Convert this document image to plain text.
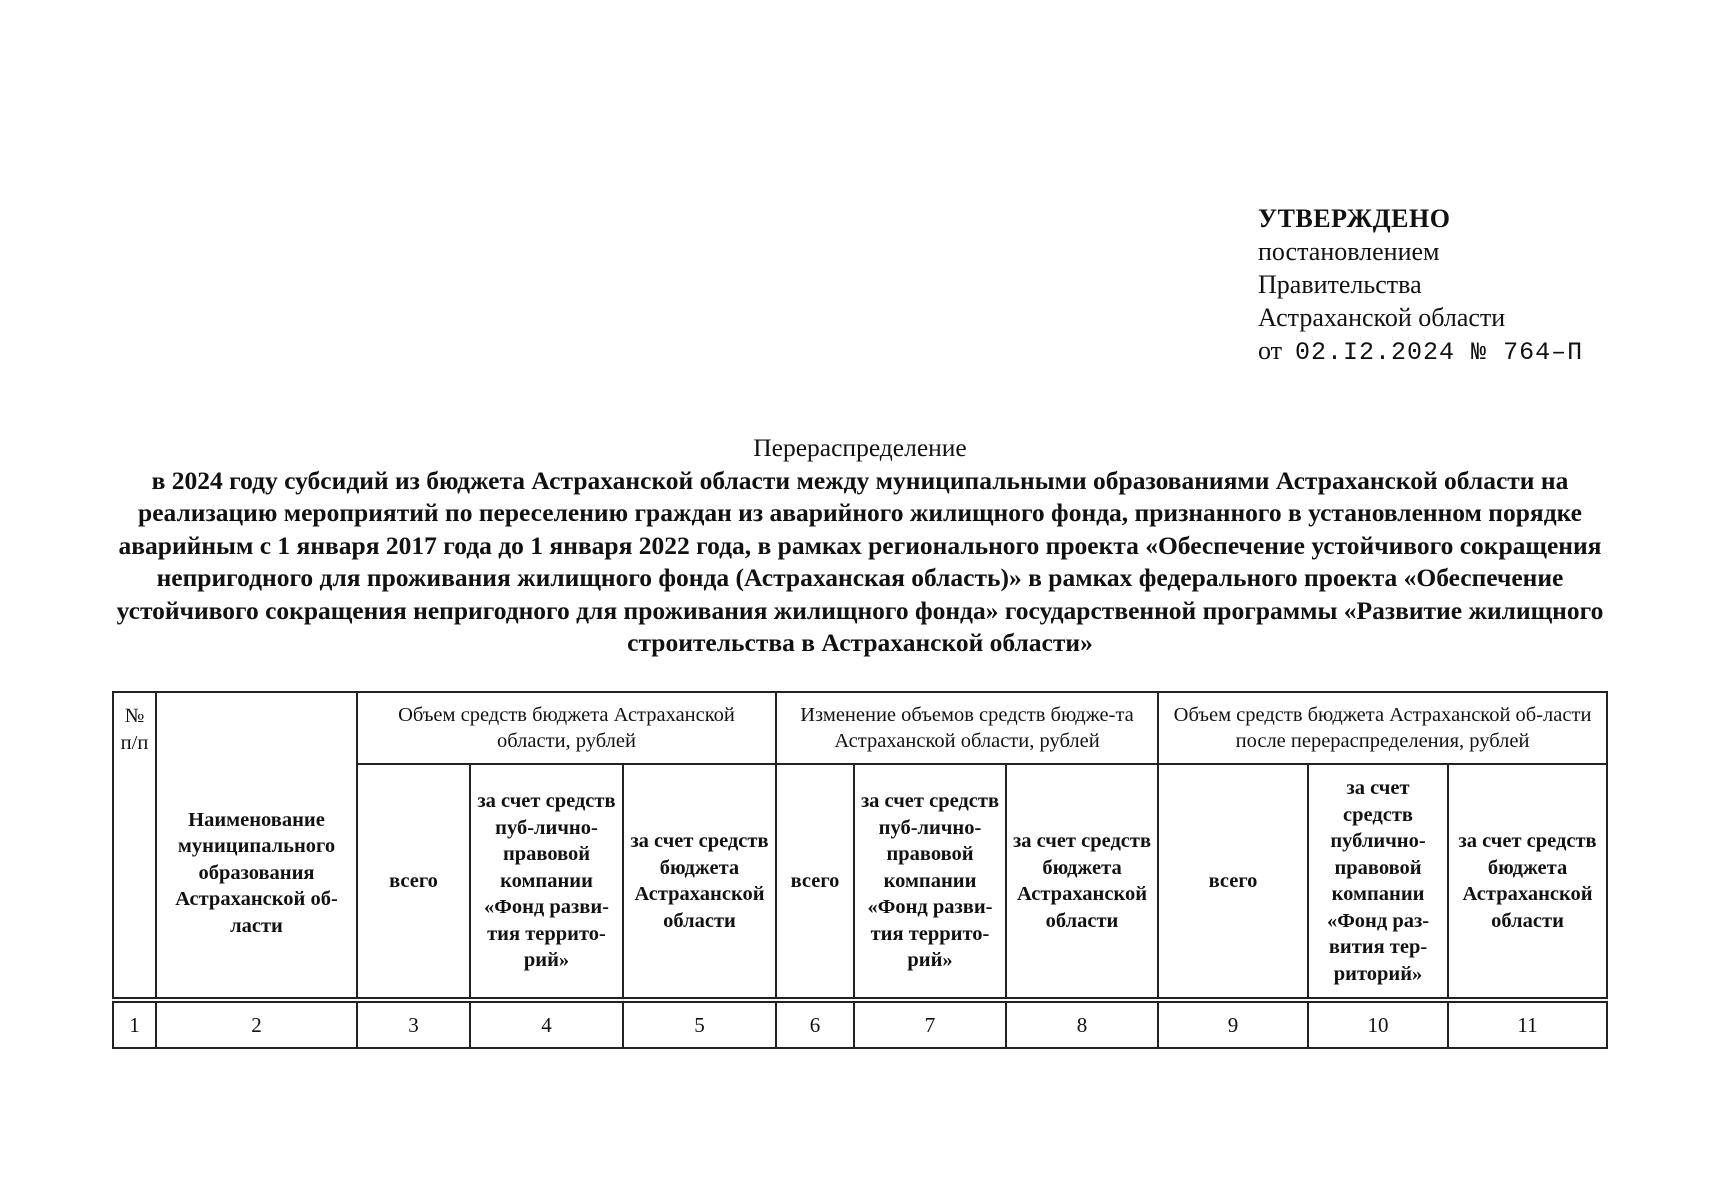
УТВЕРЖДЕНО
постановлением
Правительства
Астраханской области
от 02.I2.2024 № 764–П
Перераспределение
в 2024 году субсидий из бюджета Астраханской области между муниципальными образованиями Астраханской области на реализацию мероприятий по переселению граждан из аварийного жилищного фонда, признанного в установленном порядке аварийным с 1 января 2017 года до 1 января 2022 года, в рамках регионального проекта «Обеспечение устойчивого сокращения непригодного для проживания жилищного фонда (Астраханская область)» в рамках федерального проекта «Обеспечение устойчивого сокращения непригодного для проживания жилищного фонда» государственной программы «Развитие жилищного строительства в Астраханской области»
№ п/п	Наименование муниципального образования Астраханской об-ласти	Объем средств бюджета Астраханской области, рублей			Изменение объемов средств бюдже-та Астраханской области, рублей			Объем средств бюджета Астраханской об-ласти после перераспределения, рублей		
		всего	за счет средств пуб-лично-правовой компании «Фонд разви-тия террито-рий»	за счет средств бюджета Астраханской области	всего	за счет средств пуб-лично-правовой компании «Фонд разви-тия террито-рий»	за счет средств бюджета Астраханской области	всего	за счет средств публично-правовой компании «Фонд раз-вития тер-риторий»	за счет средств бюджета Астраханской области

1	2	3	4	5	6	7	8	9	10	11
